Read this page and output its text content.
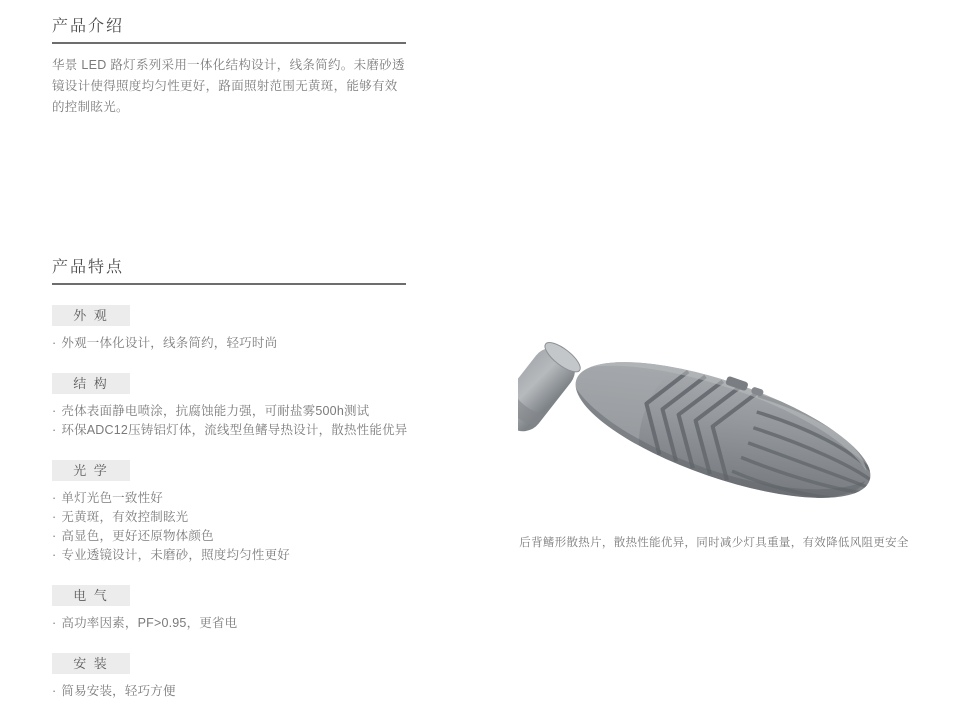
产品介绍

华景 LED 路灯系列采用一体化结构设计，线条简约。未磨砂透镜设计使得照度均匀性更好，路面照射范围无黄斑，能够有效的控制眩光。

产品特点
外 观
· 外观一体化设计，线条简约，轻巧时尚
结 构
· 壳体表面静电喷涂，抗腐蚀能力强，可耐盐雾500h测试
· 环保ADC12压铸铝灯体，流线型鱼鳍导热设计，散热性能优异
光 学
· 单灯光色一致性好
· 无黄斑，有效控制眩光
· 高显色，更好还原物体颜色
· 专业透镜设计，未磨砂，照度均匀性更好
电 气
· 高功率因素，PF>0.95，更省电
安 装
· 简易安装，轻巧方便
后背鳍形散热片，散热性能优异，同时减少灯具重量，有效降低风阻更安全
